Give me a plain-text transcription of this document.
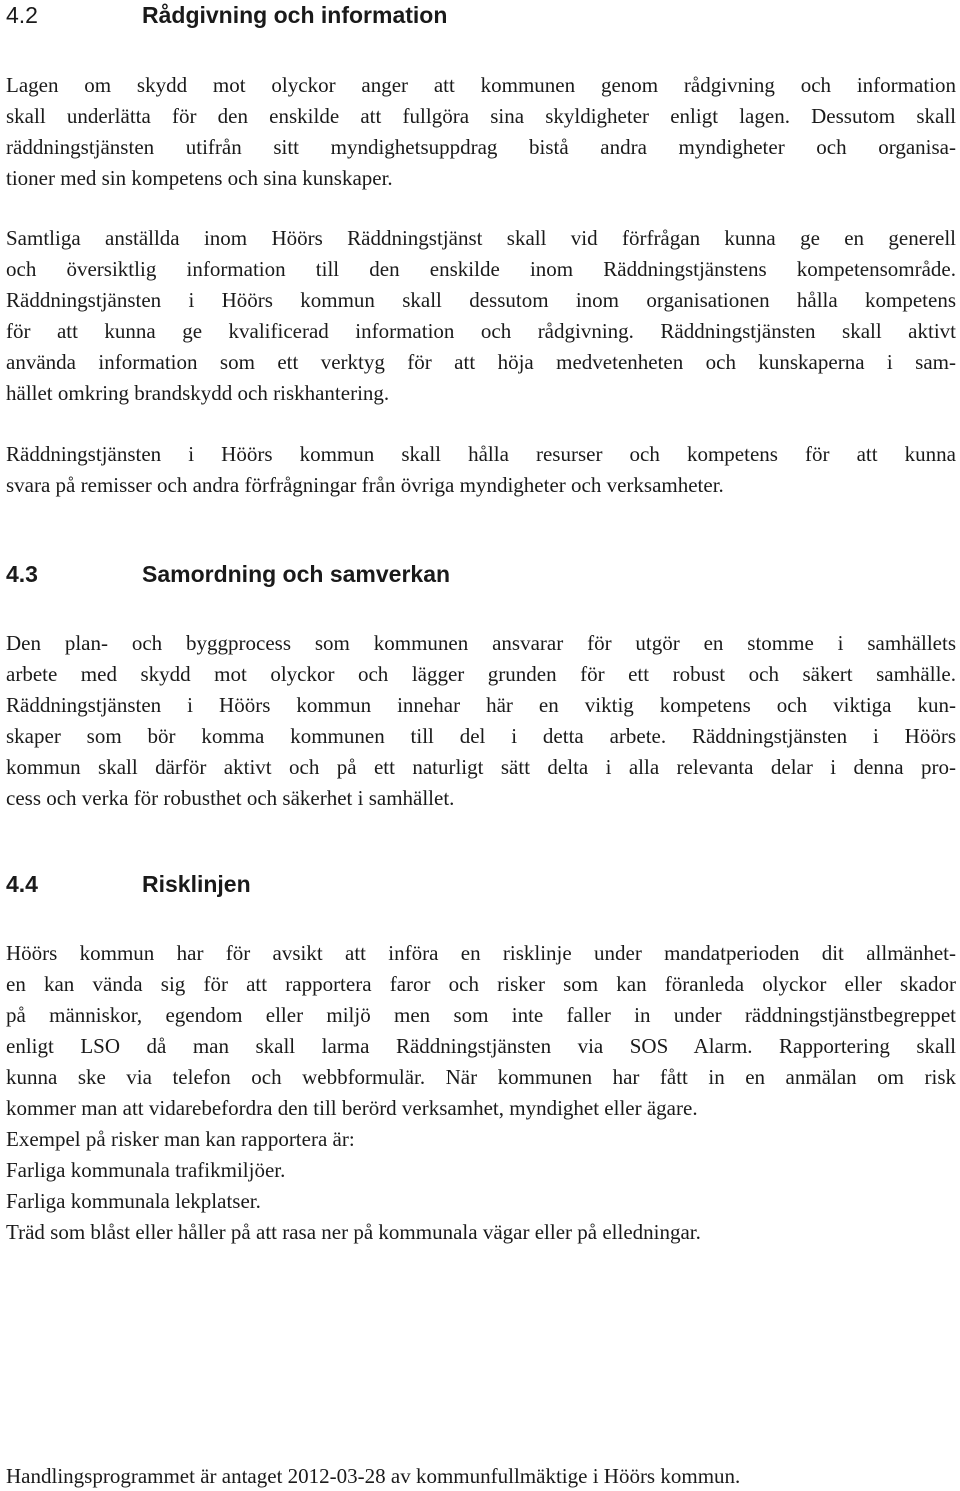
4.2	Rådgivning och information
Lagen om skydd mot olyckor anger att kommunen genom rådgivning och information
skall underlätta för den enskilde att fullgöra sina skyldigheter enligt lagen. Dessutom skall
räddningstjänsten utifrån sitt myndighetsuppdrag bistå andra myndigheter och organisa-
tioner med sin kompetens och sina kunskaper.
Samtliga anställda inom Höörs Räddningstjänst skall vid förfrågan kunna ge en generell
och översiktlig information till den enskilde inom Räddningstjänstens kompetensområde.
Räddningstjänsten i Höörs kommun skall dessutom inom organisationen hålla kompetens
för att kunna ge kvalificerad information och rådgivning. Räddningstjänsten skall aktivt
använda information som ett verktyg för att höja medvetenheten och kunskaperna i sam-
hället omkring brandskydd och riskhantering.
Räddningstjänsten i Höörs kommun skall hålla resurser och kompetens för att kunna
svara på remisser och andra förfrågningar från övriga myndigheter och verksamheter.
4.3	Samordning och samverkan
Den plan- och byggprocess som kommunen ansvarar för utgör en stomme i samhällets
arbete med skydd mot olyckor och lägger grunden för ett robust och säkert samhälle.
Räddningstjänsten i Höörs kommun innehar här en viktig kompetens och viktiga kun-
skaper som bör komma kommunen till del i detta arbete. Räddningstjänsten i Höörs
kommun skall därför aktivt och på ett naturligt sätt delta i alla relevanta delar i denna pro-
cess och verka för robusthet och säkerhet i samhället.
4.4	Risklinjen
Höörs kommun har för avsikt att införa en risklinje under mandatperioden dit allmänhet-
en kan vända sig för att rapportera faror och risker som kan föranleda olyckor eller skador
på människor, egendom eller miljö men som inte faller in under räddningstjänstbegreppet
enligt LSO då man skall larma Räddningstjänsten via SOS Alarm. Rapportering skall
kunna ske via telefon och webbformulär. När kommunen har fått in en anmälan om risk
kommer man att vidarebefordra den till berörd verksamhet, myndighet eller ägare.
Exempel på risker man kan rapportera är:
Farliga kommunala trafikmiljöer.
Farliga kommunala lekplatser.
Träd som blåst eller håller på att rasa ner på kommunala vägar eller på elledningar.
Handlingsprogrammet är antaget 2012-03-28 av kommunfullmäktige i Höörs kommun.
